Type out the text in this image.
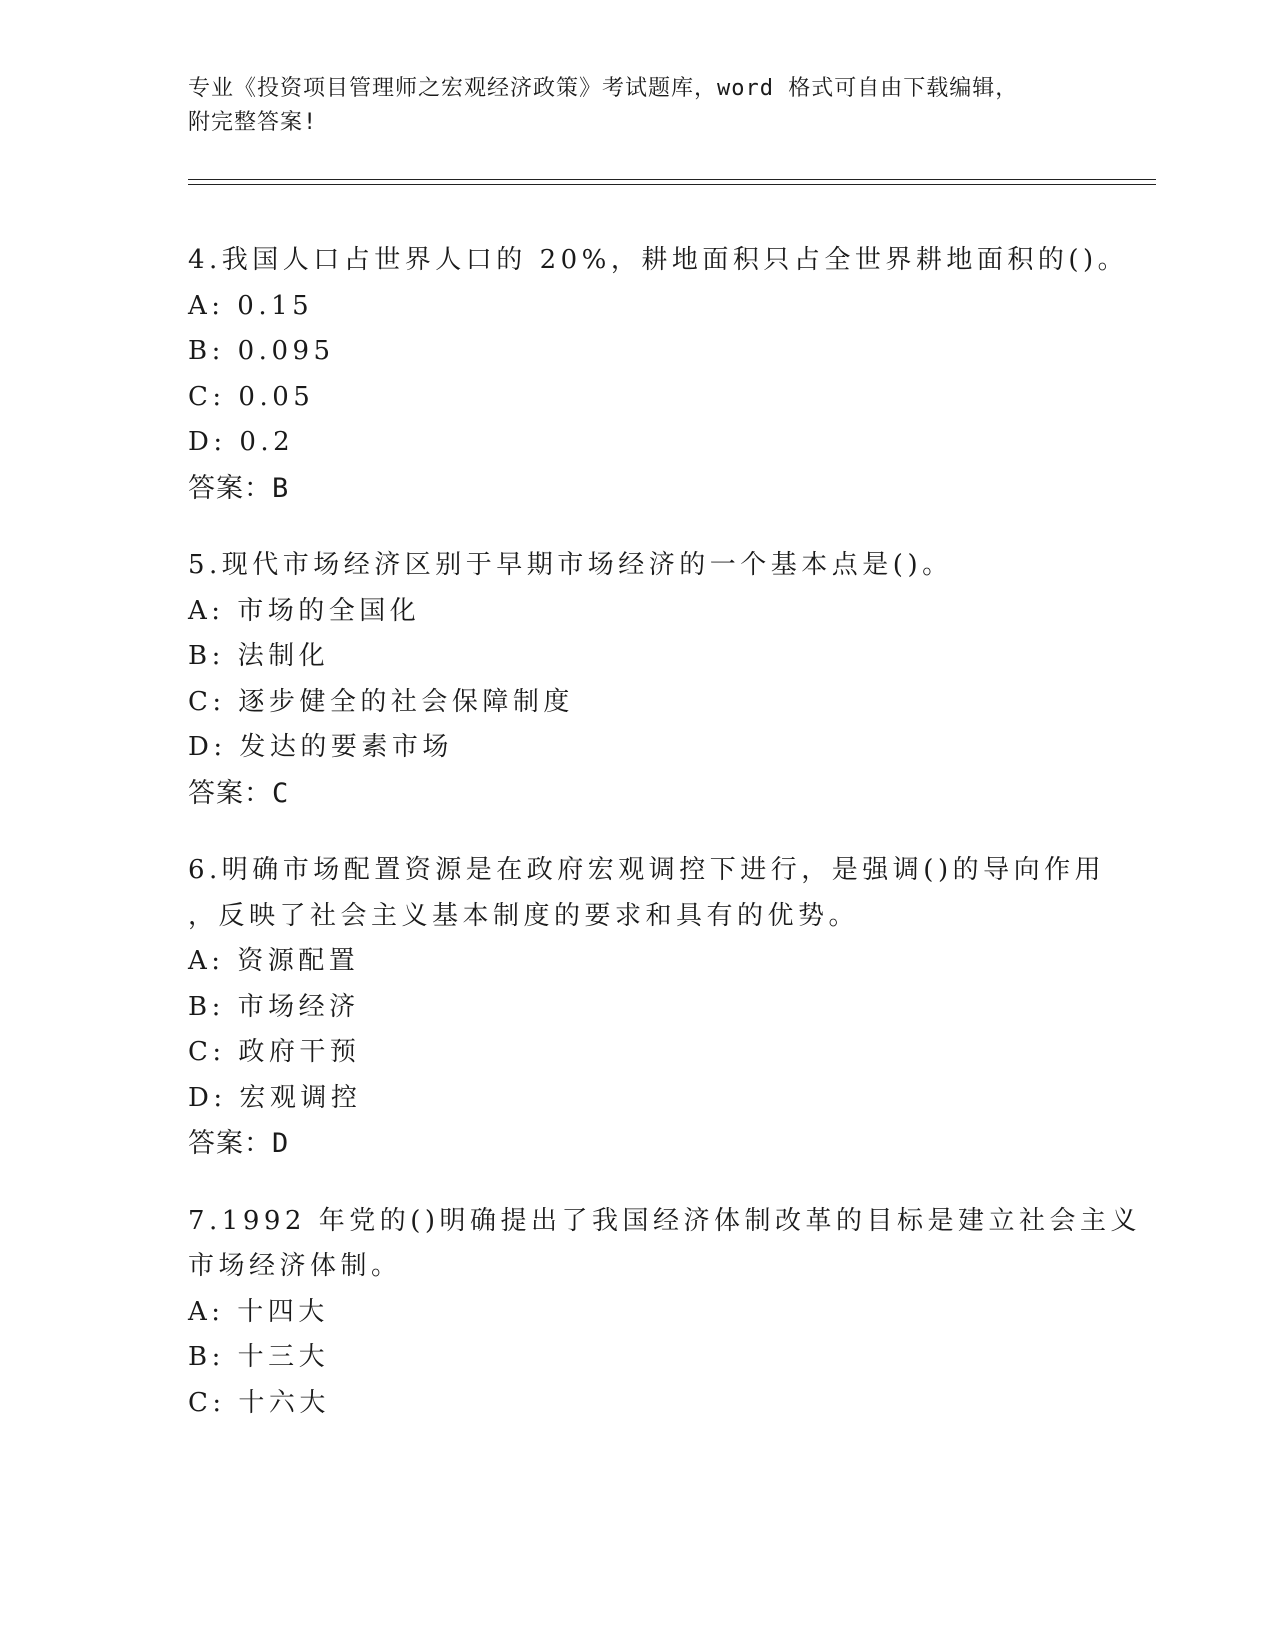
专业《投资项目管理师之宏观经济政策》考试题库，word 格式可自由下载编辑，
附完整答案!
4.我国人口占世界人口的 20%，耕地面积只占全世界耕地面积的()。
A: 0.15
B: 0.095
C: 0.05
D: 0.2
答案：B
5.现代市场经济区别于早期市场经济的一个基本点是()。
A: 市场的全国化
B: 法制化
C: 逐步健全的社会保障制度
D: 发达的要素市场
答案：C
6.明确市场配置资源是在政府宏观调控下进行，是强调()的导向作用
，反映了社会主义基本制度的要求和具有的优势。
A: 资源配置
B: 市场经济
C: 政府干预
D: 宏观调控
答案：D
7.1992 年党的()明确提出了我国经济体制改革的目标是建立社会主义
市场经济体制。
A: 十四大
B: 十三大
C: 十六大
